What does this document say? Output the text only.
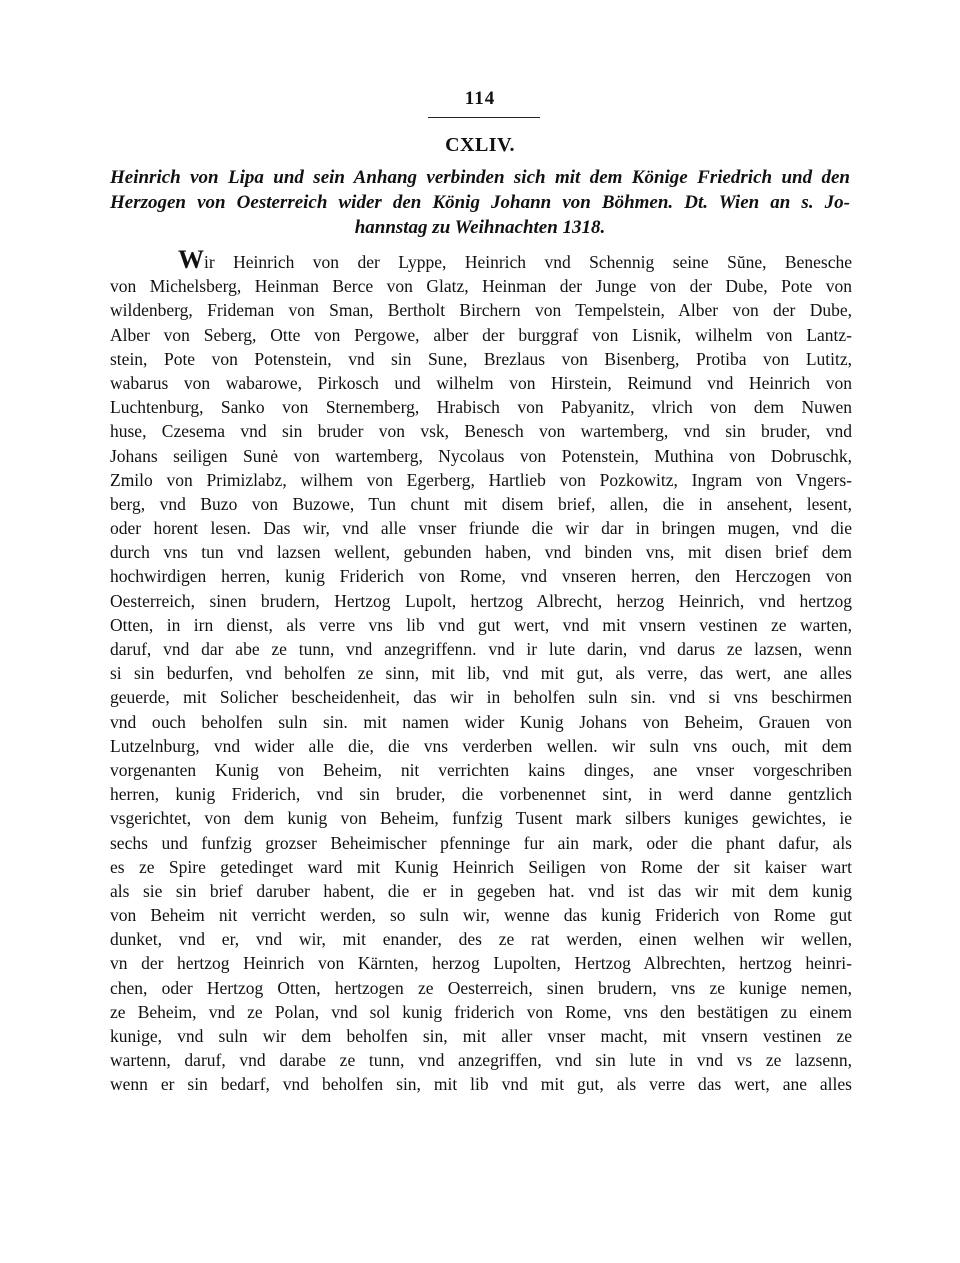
114
CXLIV.
Heinrich von Lipa und sein Anhang verbinden sich mit dem Könige Friedrich und den
Herzogen von Oesterreich wider den König Johann von Böhmen. Dt. Wien an s. Jo-
hannstag zu Weihnachten 1318.
Wir Heinrich von der Lyppe, Heinrich vnd Schennig seine Sŭne, Benesche
von Michelsberg, Heinman Berce von Glatz, Heinman der Junge von der Dube, Pote von
wildenberg, Frideman von Sman, Bertholt Birchern von Tempelstein, Alber von der Dube,
Alber von Seberg, Otte von Pergowe, alber der burggraf von Lisnik, wilhelm von Lantz-
stein, Pote von Potenstein, vnd sin Sune, Brezlaus von Bisenberg, Protiba von Lutitz,
wabarus von wabarowe, Pirkosch und wilhelm von Hirstein, Reimund vnd Heinrich von
Luchtenburg, Sanko von Sternemberg, Hrabisch von Pabyanitz, vlrich von dem Nuwen
huse, Czesema vnd sin bruder von vsk, Benesch von wartemberg, vnd sin bruder, vnd
Johans seiligen Sunė von wartemberg, Nycolaus von Potenstein, Muthina von Dobruschk,
Zmilo von Primizlabz, wilhem von Egerberg, Hartlieb von Pozkowitz, Ingram von Vngers-
berg, vnd Buzo von Buzowe, Tun chunt mit disem brief, allen, die in ansehent, lesent,
oder horent lesen. Das wir, vnd alle vnser friunde die wir dar in bringen mugen, vnd die
durch vns tun vnd lazsen wellent, gebunden haben, vnd binden vns, mit disen brief dem
hochwirdigen herren, kunig Friderich von Rome, vnd vnseren herren, den Herczogen von
Oesterreich, sinen brudern, Hertzog Lupolt, hertzog Albrecht, herzog Heinrich, vnd hertzog
Otten, in irn dienst, als verre vns lib vnd gut wert, vnd mit vnsern vestinen ze warten,
daruf, vnd dar abe ze tunn, vnd anzegriffenn. vnd ir lute darin, vnd darus ze lazsen, wenn
si sin bedurfen, vnd beholfen ze sinn, mit lib, vnd mit gut, als verre, das wert, ane alles
geuerde, mit Solicher bescheidenheit, das wir in beholfen suln sin. vnd si vns beschirmen
vnd ouch beholfen suln sin. mit namen wider Kunig Johans von Beheim, Grauen von
Lutzelnburg, vnd wider alle die, die vns verderben wellen. wir suln vns ouch, mit dem
vorgenanten Kunig von Beheim, nit verrichten kains dinges, ane vnser vorgeschriben
herren, kunig Friderich, vnd sin bruder, die vorbenennet sint, in werd danne gentzlich
vsgerichtet, von dem kunig von Beheim, funfzig Tusent mark silbers kuniges gewichtes, ie
sechs und funfzig grozser Beheimischer pfenninge fur ain mark, oder die phant dafur, als
es ze Spire getedinget ward mit Kunig Heinrich Seiligen von Rome der sit kaiser wart
als sie sin brief daruber habent, die er in gegeben hat. vnd ist das wir mit dem kunig
von Beheim nit verricht werden, so suln wir, wenne das kunig Friderich von Rome gut
dunket, vnd er, vnd wir, mit enander, des ze rat werden, einen welhen wir wellen,
vn der hertzog Heinrich von Kärnten, herzog Lupolten, Hertzog Albrechten, hertzog heinri-
chen, oder Hertzog Otten, hertzogen ze Oesterreich, sinen brudern, vns ze kunige nemen,
ze Beheim, vnd ze Polan, vnd sol kunig friderich von Rome, vns den bestätigen zu einem
kunige, vnd suln wir dem beholfen sin, mit aller vnser macht, mit vnsern vestinen ze
wartenn, daruf, vnd darabe ze tunn, vnd anzegriffen, vnd sin lute in vnd vs ze lazsenn,
wenn er sin bedarf, vnd beholfen sin, mit lib vnd mit gut, als verre das wert, ane alles
